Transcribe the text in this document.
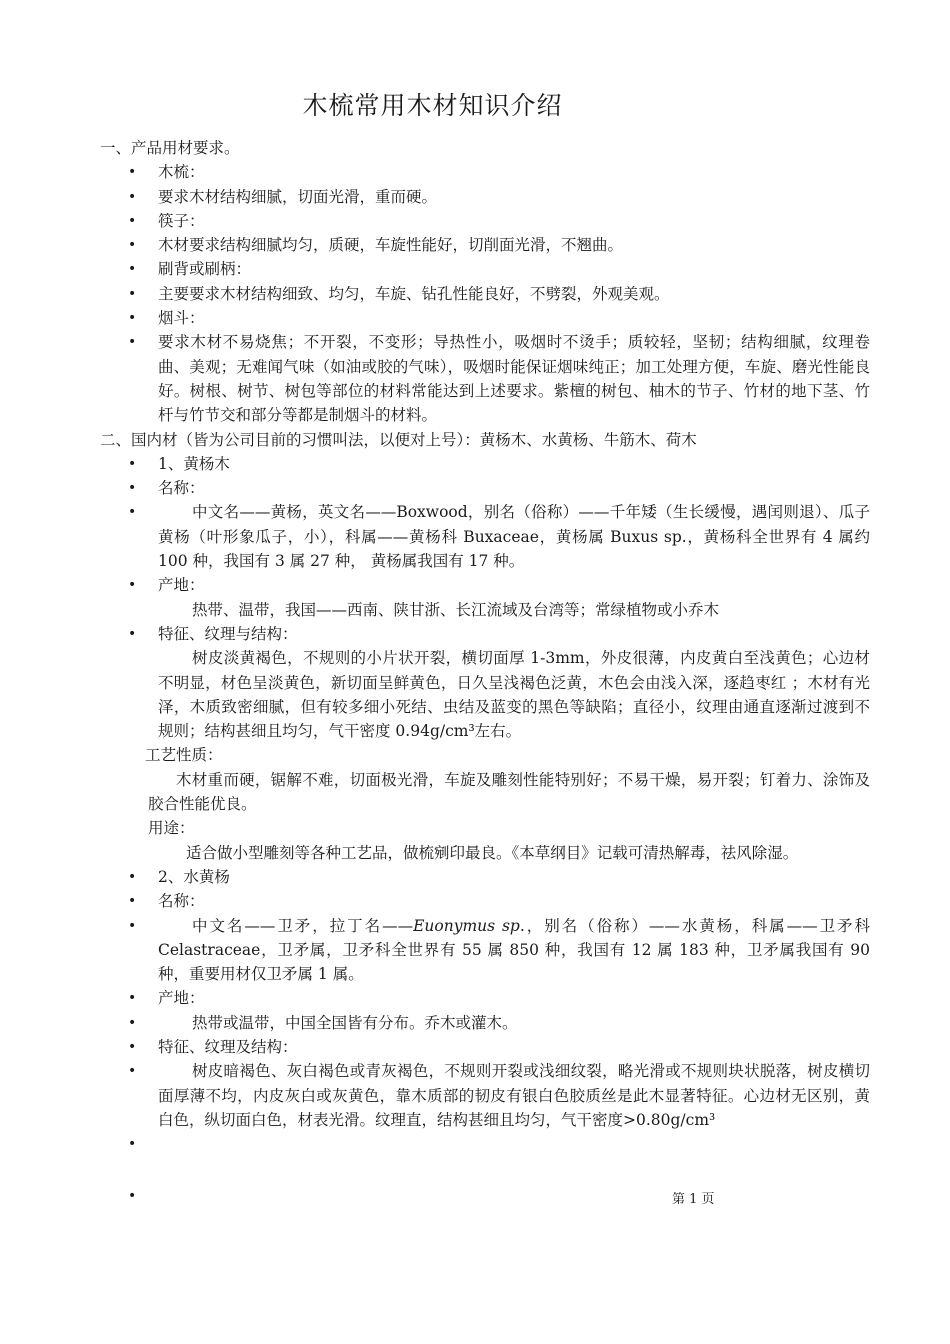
木梳常用木材知识介绍
一、产品用材要求。
• 木梳：
• 要求木材结构细腻，切面光滑，重而硬。
• 筷子：
• 木材要求结构细腻均匀，质硬，车旋性能好，切削面光滑，不翘曲。
• 刷背或刷柄：
• 主要要求木材结构细致、均匀，车旋、钻孔性能良好，不劈裂，外观美观。
• 烟斗：
• 要求木材不易烧焦；不开裂，不变形；导热性小，吸烟时不烫手；质较轻，坚韧；结构细腻，纹理卷曲、美观；无难闻气味（如油或胶的气味），吸烟时能保证烟味纯正；加工处理方便，车旋、磨光性能良好。树根、树节、树包等部位的材料常能达到上述要求。紫檀的树包、柚木的节子、竹材的地下茎、竹杆与竹节交和部分等都是制烟斗的材料。
二、国内材（皆为公司目前的习惯叫法，以便对上号）：黄杨木、水黄杨、牛筋木、荷木
• 1、黄杨木
• 名称：
•	中文名——黄杨，英文名——Boxwood，别名（俗称）——千年矮（生长缓慢，遇闰则退）、瓜子黄杨（叶形象瓜子，小），科属——黄杨科 Buxaceae，黄杨属 Buxus sp.，黄杨科全世界有 4 属约 100 种，我国有 3 属 27 种， 黄杨属我国有 17 种。
• 产地：
热带、温带，我国——西南、陕甘浙、长江流域及台湾等；常绿植物或小乔木
• 特征、纹理与结构：
树皮淡黄褐色，不规则的小片状开裂，横切面厚 1-3mm，外皮很薄，内皮黄白至浅黄色；心边材不明显，材色呈淡黄色，新切面呈鲜黄色，日久呈浅褐色泛黄，木色会由浅入深，逐趋枣红 ；木材有光泽，木质致密细腻，但有较多细小死结、虫结及蓝变的黑色等缺陷；直径小，纹理由通直逐渐过渡到不规则；结构甚细且均匀，气干密度 0.94g/cm³左右。
工艺性质：
木材重而硬，锯解不难，切面极光滑，车旋及雕刻性能特别好；不易干燥，易开裂；钉着力、涂饰及胶合性能优良。
用途：
适合做小型雕刻等各种工艺品，做梳剜印最良。《本草纲目》记载可清热解毒，祛风除湿。
• 2、水黄杨
• 名称：
•	中文名——卫矛，拉丁名——Euonymus sp.，别名（俗称）——水黄杨，科属——卫矛科 Celastraceae，卫矛属，卫矛科全世界有 55 属 850 种，我国有 12 属 183 种，卫矛属我国有 90 种，重要用材仅卫矛属 1 属。
• 产地：
•	热带或温带，中国全国皆有分布。乔木或灌木。
• 特征、纹理及结构：
•	树皮暗褐色、灰白褐色或青灰褐色，不规则开裂或浅细纹裂，略光滑或不规则块状脱落，树皮横切面厚薄不均，内皮灰白或灰黄色，靠木质部的韧皮有银白色胶质丝是此木显著特征。心边材无区别，黄白色，纵切面白色，材表光滑。纹理直，结构甚细且均匀，气干密度>0.80g/cm³
•

•	第 1 页
